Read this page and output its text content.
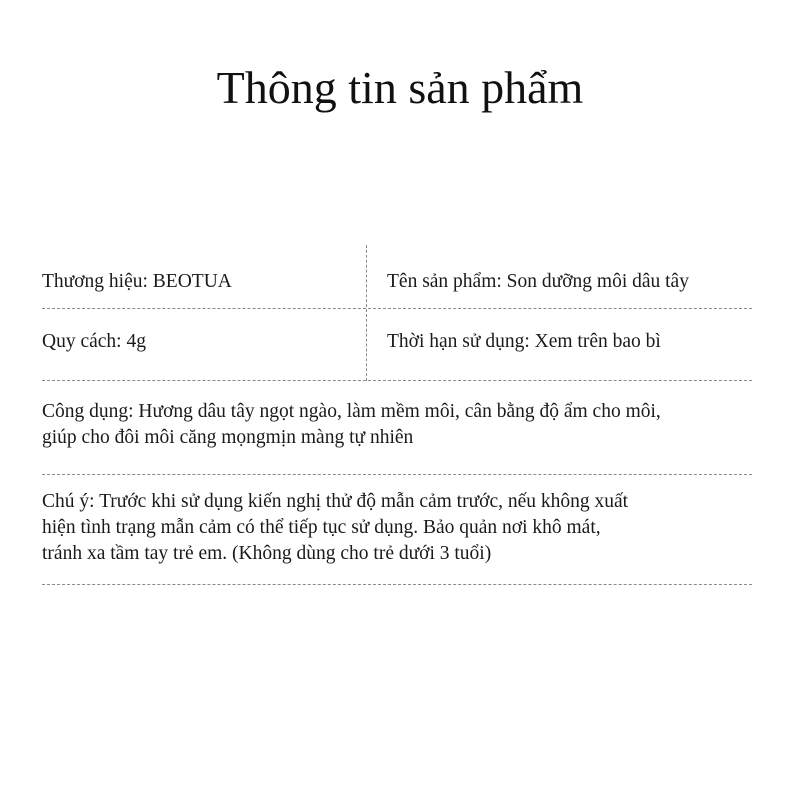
Thông tin sản phẩm
Thương hiệu: BEOTUA	Tên sản phẩm: Son dưỡng môi dâu tây
Quy cách: 4g	Thời hạn sử dụng: Xem trên bao bì
Công dụng: Hương dâu tây ngọt ngào, làm mềm môi, cân bằng độ ẩm cho môi,
giúp cho đôi môi căng mọngmịn màng tự nhiên
Chú ý: Trước khi sử dụng kiến nghị thử độ mẫn cảm trước, nếu không xuất
hiện tình trạng mẫn cảm có thể tiếp tục sử dụng. Bảo quản nơi khô mát,
tránh xa tầm tay trẻ em. (Không dùng cho trẻ dưới 3 tuổi)
